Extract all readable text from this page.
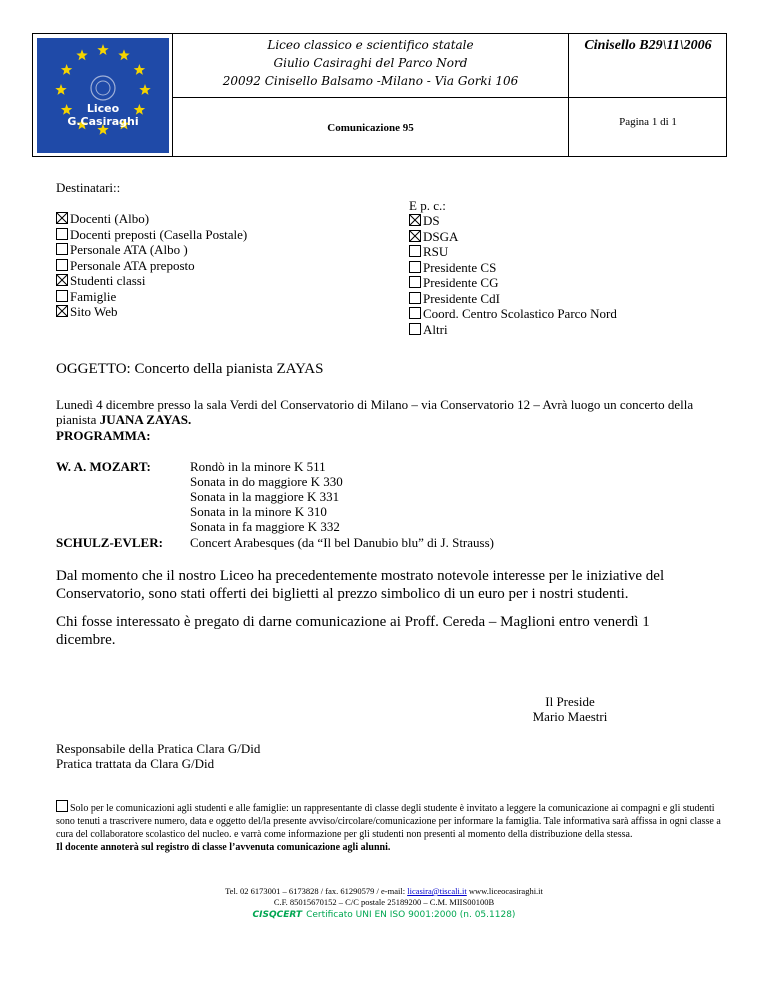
Liceo
G.Casiraghi
Liceo classico e scientifico statale
Giulio Casiraghi del Parco Nord
20092 Cinisello Balsamo -Milano - Via Gorki 106
Cinisello B29\11\2006
Comunicazione 95	Pagina 1 di 1
Destinatari::
Docenti (Albo)
Docenti preposti (Casella Postale)
Personale ATA (Albo )
Personale ATA preposto
Studenti classi
Famiglie
Sito Web
E p. c.:
DS
DSGA
RSU
Presidente CS
Presidente CG
Presidente CdI
Coord. Centro Scolastico Parco Nord
Altri
OGGETTO: Concerto della pianista ZAYAS
Lunedì 4 dicembre presso la sala Verdi del Conservatorio di Milano – via Conservatorio 12 – Avrà luogo un concerto della pianista JUANA ZAYAS.
PROGRAMMA:
W. A. MOZART:	Rondò in la minore K 511
Sonata in do maggiore K 330
Sonata in la maggiore K 331
Sonata in la minore K 310
Sonata in fa maggiore K 332
SCHULZ-EVLER: Concert Arabesques (da “Il bel Danubio blu” di J. Strauss)
Dal momento che il nostro Liceo ha precedentemente mostrato notevole interesse per le iniziative del Conservatorio, sono stati offerti dei biglietti al prezzo simbolico di un euro per i nostri studenti.
Chi fosse interessato è pregato di darne comunicazione ai Proff. Cereda – Maglioni entro venerdì 1 dicembre.
Il Preside
Mario Maestri
Responsabile della Pratica Clara G/Did
Pratica trattata da Clara G/Did
Solo per le comunicazioni agli studenti e alle famiglie: un rappresentante di classe degli studente è invitato a leggere la comunicazione ai compagni e gli studenti sono tenuti a trascrivere numero, data e oggetto del/la presente avviso/circolare/comunicazione per informare la famiglia. Tale informativa sarà affissa in ogni classe a cura del collaboratore scolastico del nucleo. e varrà come informazione per gli studenti non presenti al momento della distribuzione della stessa.
Il docente annoterà sul registro di classe l’avvenuta comunicazione agli alunni.
Tel. 02 6173001 – 6173828 / fax. 61290579 / e-mail: licasira@tiscali.it www.liceocasiraghi.it
C.F. 85015670152 – C/C postale 25189200 – C.M. MIIS00100B
CISQCERT Certificato UNI EN ISO 9001:2000 (n. 05.1128)
